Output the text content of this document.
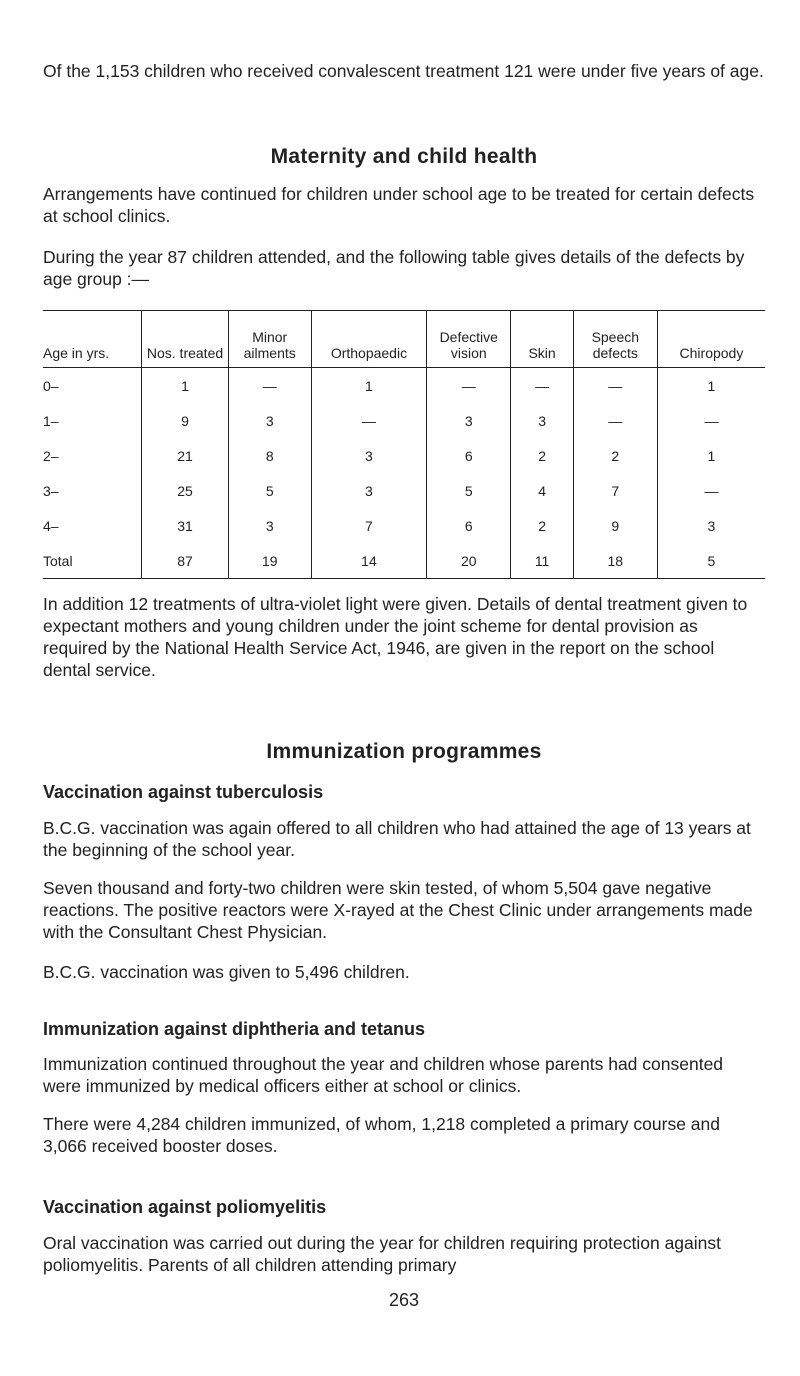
Of the 1,153 children who received convalescent treatment 121 were under five years of age.

Maternity and child health

Arrangements have continued for children under school age to be treated for certain defects at school clinics.

During the year 87 children attended, and the following table gives details of the defects by age group :—

Age in yrs.	Nos. treated	Minor ailments	Orthopaedic	Defective vision	Skin	Speech defects	Chiropody
0–	1	—	1	—	—	—	1
1–	9	3	—	3	3	—	—
2–	21	8	3	6	2	2	1
3–	25	5	3	5	4	7	—
4–	31	3	7	6	2	9	3
Total	87	19	14	20	11	18	5

In addition 12 treatments of ultra-violet light were given. Details of dental treatment given to expectant mothers and young children under the joint scheme for dental provision as required by the National Health Service Act, 1946, are given in the report on the school dental service.

Immunization programmes
Vaccination against tuberculosis

B.C.G. vaccination was again offered to all children who had attained the age of 13 years at the beginning of the school year.

Seven thousand and forty-two children were skin tested, of whom 5,504 gave negative reactions. The positive reactors were X-rayed at the Chest Clinic under arrangements made with the Consultant Chest Physician.

B.C.G. vaccination was given to 5,496 children.

Immunization against diphtheria and tetanus

Immunization continued throughout the year and children whose parents had consented were immunized by medical officers either at school or clinics.

There were 4,284 children immunized, of whom, 1,218 completed a primary course and 3,066 received booster doses.

Vaccination against poliomyelitis

Oral vaccination was carried out during the year for children requiring protection against poliomyelitis. Parents of all children attending primary

263
